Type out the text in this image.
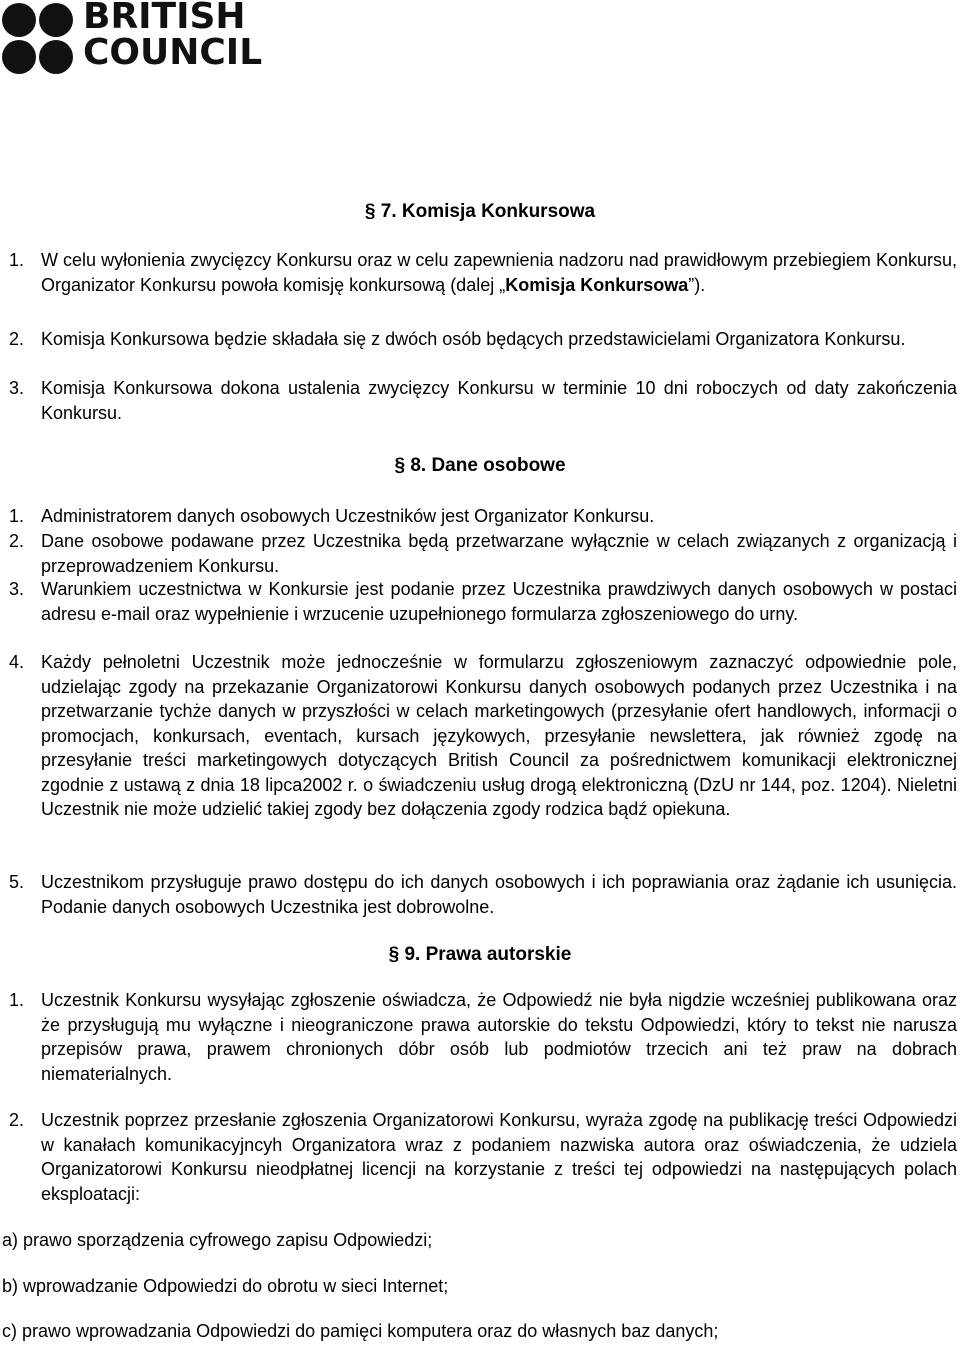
BRITISH
COUNCIL
§ 7. Komisja Konkursowa
1. W celu wyłonienia zwycięzcy Konkursu oraz w celu zapewnienia nadzoru nad prawidłowym przebiegiem Konkursu, Organizator Konkursu powoła komisję konkursową (dalej „Komisja Konkursowa”).
2. Komisja Konkursowa będzie składała się z dwóch osób będących przedstawicielami Organizatora Konkursu.
3. Komisja Konkursowa dokona ustalenia zwycięzcy Konkursu w terminie 10 dni roboczych od daty zakończenia Konkursu.
§ 8. Dane osobowe
1. Administratorem danych osobowych Uczestników jest Organizator Konkursu.
2. Dane osobowe podawane przez Uczestnika będą przetwarzane wyłącznie w celach związanych z organizacją i przeprowadzeniem Konkursu.
3. Warunkiem uczestnictwa w Konkursie jest podanie przez Uczestnika prawdziwych danych osobowych w postaci adresu e-mail oraz wypełnienie i wrzucenie uzupełnionego formularza zgłoszeniowego do urny.
4. Każdy pełnoletni Uczestnik może jednocześnie w formularzu zgłoszeniowym zaznaczyć odpowiednie pole, udzielając zgody na przekazanie Organizatorowi Konkursu danych osobowych podanych przez Uczestnika i na przetwarzanie tychże danych w przyszłości w celach marketingowych (przesyłanie ofert handlowych, informacji o promocjach, konkursach, eventach, kursach językowych, przesyłanie newslettera, jak również zgodę na przesyłanie treści marketingowych dotyczących British Council za pośrednictwem komunikacji elektronicznej zgodnie z ustawą z dnia 18 lipca2002 r. o świadczeniu usług drogą elektroniczną (DzU nr 144, poz. 1204). Nieletni Uczestnik nie może udzielić takiej zgody bez dołączenia zgody rodzica bądź opiekuna.
5. Uczestnikom przysługuje prawo dostępu do ich danych osobowych i ich poprawiania oraz żądanie ich usunięcia. Podanie danych osobowych Uczestnika jest dobrowolne.
§ 9. Prawa autorskie
1. Uczestnik Konkursu wysyłając zgłoszenie oświadcza, że Odpowiedź nie była nigdzie wcześniej publikowana oraz że przysługują mu wyłączne i nieograniczone prawa autorskie do tekstu Odpowiedzi, który to tekst nie narusza przepisów prawa, prawem chronionych dóbr osób lub podmiotów trzecich ani też praw na dobrach niematerialnych.
2. Uczestnik poprzez przesłanie zgłoszenia Organizatorowi Konkursu, wyraża zgodę na publikację treści Odpowiedzi w kanałach komunikacyjncyh Organizatora wraz z podaniem nazwiska autora oraz oświadczenia, że udziela Organizatorowi Konkursu nieodpłatnej licencji na korzystanie z treści tej odpowiedzi na następujących polach eksploatacji:
a) prawo sporządzenia cyfrowego zapisu Odpowiedzi;
b) wprowadzanie Odpowiedzi do obrotu w sieci Internet;
c) prawo wprowadzania Odpowiedzi do pamięci komputera oraz do własnych baz danych;
